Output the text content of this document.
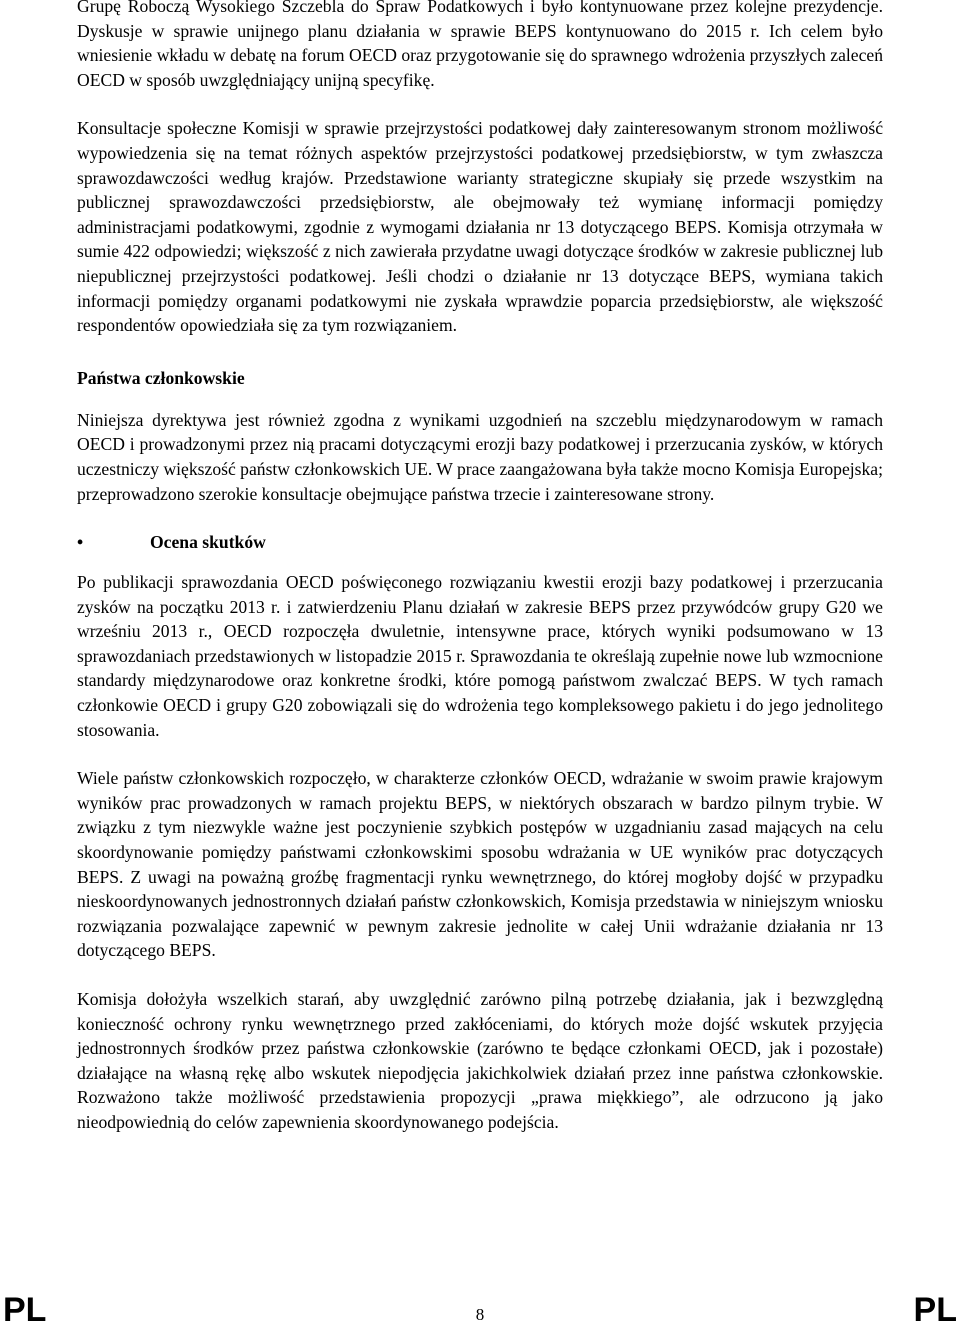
Grupę Roboczą Wysokiego Szczebla do Spraw Podatkowych i było kontynuowane przez kolejne prezydencje. Dyskusje w sprawie unijnego planu działania w sprawie BEPS kontynuowano do 2015 r. Ich celem było wniesienie wkładu w debatę na forum OECD oraz przygotowanie się do sprawnego wdrożenia przyszłych zaleceń OECD w sposób uwzględniający unijną specyfikę.

Konsultacje społeczne Komisji w sprawie przejrzystości podatkowej dały zainteresowanym stronom możliwość wypowiedzenia się na temat różnych aspektów przejrzystości podatkowej przedsiębiorstw, w tym zwłaszcza sprawozdawczości według krajów. Przedstawione warianty strategiczne skupiały się przede wszystkim na publicznej sprawozdawczości przedsiębiorstw, ale obejmowały też wymianę informacji pomiędzy administracjami podatkowymi, zgodnie z wymogami działania nr 13 dotyczącego BEPS. Komisja otrzymała w sumie 422 odpowiedzi; większość z nich zawierała przydatne uwagi dotyczące środków w zakresie publicznej lub niepublicznej przejrzystości podatkowej. Jeśli chodzi o działanie nr 13 dotyczące BEPS, wymiana takich informacji pomiędzy organami podatkowymi nie zyskała wprawdzie poparcia przedsiębiorstw, ale większość respondentów opowiedziała się za tym rozwiązaniem.

Państwa członkowskie

Niniejsza dyrektywa jest również zgodna z wynikami uzgodnień na szczeblu międzynarodowym w ramach OECD i prowadzonymi przez nią pracami dotyczącymi erozji bazy podatkowej i przerzucania zysków, w których uczestniczy większość państw członkowskich UE. W prace zaangażowana była także mocno Komisja Europejska; przeprowadzono szerokie konsultacje obejmujące państwa trzecie i zainteresowane strony.

•	Ocena skutków

Po publikacji sprawozdania OECD poświęconego rozwiązaniu kwestii erozji bazy podatkowej i przerzucania zysków na początku 2013 r. i zatwierdzeniu Planu działań w zakresie BEPS przez przywódców grupy G20 we wrześniu 2013 r., OECD rozpoczęła dwuletnie, intensywne prace, których wyniki podsumowano w 13 sprawozdaniach przedstawionych w listopadzie 2015 r. Sprawozdania te określają zupełnie nowe lub wzmocnione standardy międzynarodowe oraz konkretne środki, które pomogą państwom zwalczać BEPS. W tych ramach członkowie OECD i grupy G20 zobowiązali się do wdrożenia tego kompleksowego pakietu i do jego jednolitego stosowania.

Wiele państw członkowskich rozpoczęło, w charakterze członków OECD, wdrażanie w swoim prawie krajowym wyników prac prowadzonych w ramach projektu BEPS, w niektórych obszarach w bardzo pilnym trybie. W związku z tym niezwykle ważne jest poczynienie szybkich postępów w uzgadnianiu zasad mających na celu skoordynowanie pomiędzy państwami członkowskimi sposobu wdrażania w UE wyników prac dotyczących BEPS. Z uwagi na poważną groźbę fragmentacji rynku wewnętrznego, do której mogłoby dojść w przypadku nieskoordynowanych jednostronnych działań państw członkowskich, Komisja przedstawia w niniejszym wniosku rozwiązania pozwalające zapewnić w pewnym zakresie jednolite w całej Unii wdrażanie działania nr 13 dotyczącego BEPS.

Komisja dołożyła wszelkich starań, aby uwzględnić zarówno pilną potrzebę działania, jak i bezwzględną konieczność ochrony rynku wewnętrznego przed zakłóceniami, do których może dojść wskutek przyjęcia jednostronnych środków przez państwa członkowskie (zarówno te będące członkami OECD, jak i pozostałe) działające na własną rękę albo wskutek niepodjęcia jakichkolwiek działań przez inne państwa członkowskie. Rozważono także możliwość przedstawienia propozycji „prawa miękkiego”, ale odrzucono ją jako nieodpowiednią do celów zapewnienia skoordynowanego podejścia.

PL	8	PL
